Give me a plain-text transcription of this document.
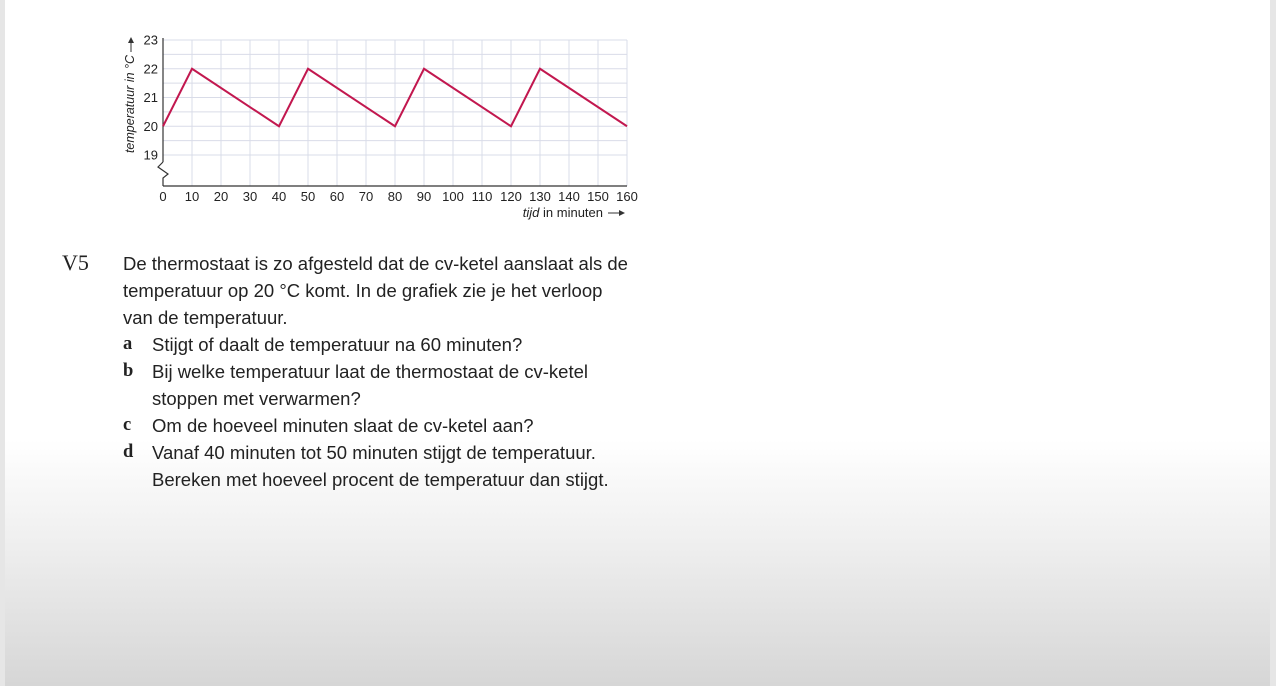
19
20
21
22
23
0 10 20 30 40 50 60 70 80 90 100 110 120 130 140 150 160
temperatuur in °C
tijd in minuten
V5 De thermostaat is zo afgesteld dat de cv-ketel aanslaat als de
temperatuur op 20 °C komt. In de grafiek zie je het verloop
van de temperatuur.
a	Stijgt of daalt de temperatuur na 60 minuten?
b	Bij welke temperatuur laat de thermostaat de cv-ketel
stoppen met verwarmen?
c	Om de hoeveel minuten slaat de cv-ketel aan?
d	Vanaf 40 minuten tot 50 minuten stijgt de temperatuur.
Bereken met hoeveel procent de temperatuur dan stijgt.
